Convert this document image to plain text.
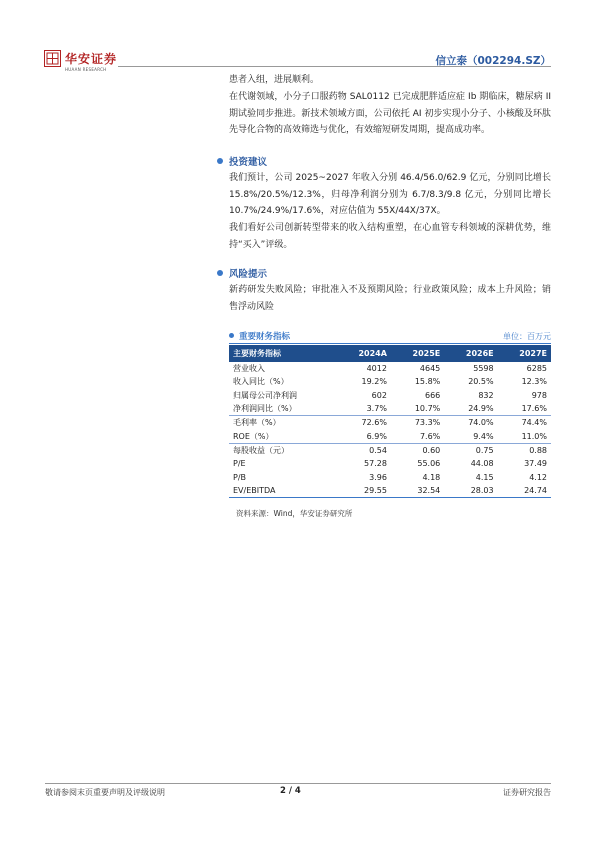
华安证券
HUAAN RESEARCH
信立泰（002294.SZ）
患者入组，进展顺利。
在代谢领域，小分子口服药物 SAL0112 已完成肥胖适应症 Ib 期临床，糖尿病 II 期试验同步推进。新技术领域方面，公司依托 AI 初步实现小分子、小核酸及环肽先导化合物的高效筛选与优化，有效缩短研发周期，提高成功率。
投资建议
我们预计，公司 2025~2027 年收入分别 46.4/56.0/62.9 亿元，分别同比增长 15.8%/20.5%/12.3%，归母净利润分别为 6.7/8.3/9.8 亿元，分别同比增长 10.7%/24.9%/17.6%，对应估值为 55X/44X/37X。
我们看好公司创新转型带来的收入结构重塑，在心血管专科领域的深耕优势，维持“买入”评级。
风险提示
新药研发失败风险；审批准入不及预期风险；行业政策风险；成本上升风险；销售浮动风险
重要财务指标	单位：百万元
主要财务指标	2024A	2025E	2026E	2027E
营业收入	4012	4645	5598	6285
收入同比（%）	19.2%	15.8%	20.5%	12.3%
归属母公司净利润	602	666	832	978
净利润同比（%）	3.7%	10.7%	24.9%	17.6%
毛利率（%）	72.6%	73.3%	74.0%	74.4%
ROE（%）	6.9%	7.6%	9.4%	11.0%
每股收益（元）	0.54	0.60	0.75	0.88
P/E	57.28	55.06	44.08	37.49
P/B	3.96	4.18	4.15	4.12
EV/EBITDA	29.55	32.54	28.03	24.74
资料来源：Wind，华安证券研究所
敬请参阅末页重要声明及评级说明	2 / 4	证券研究报告
